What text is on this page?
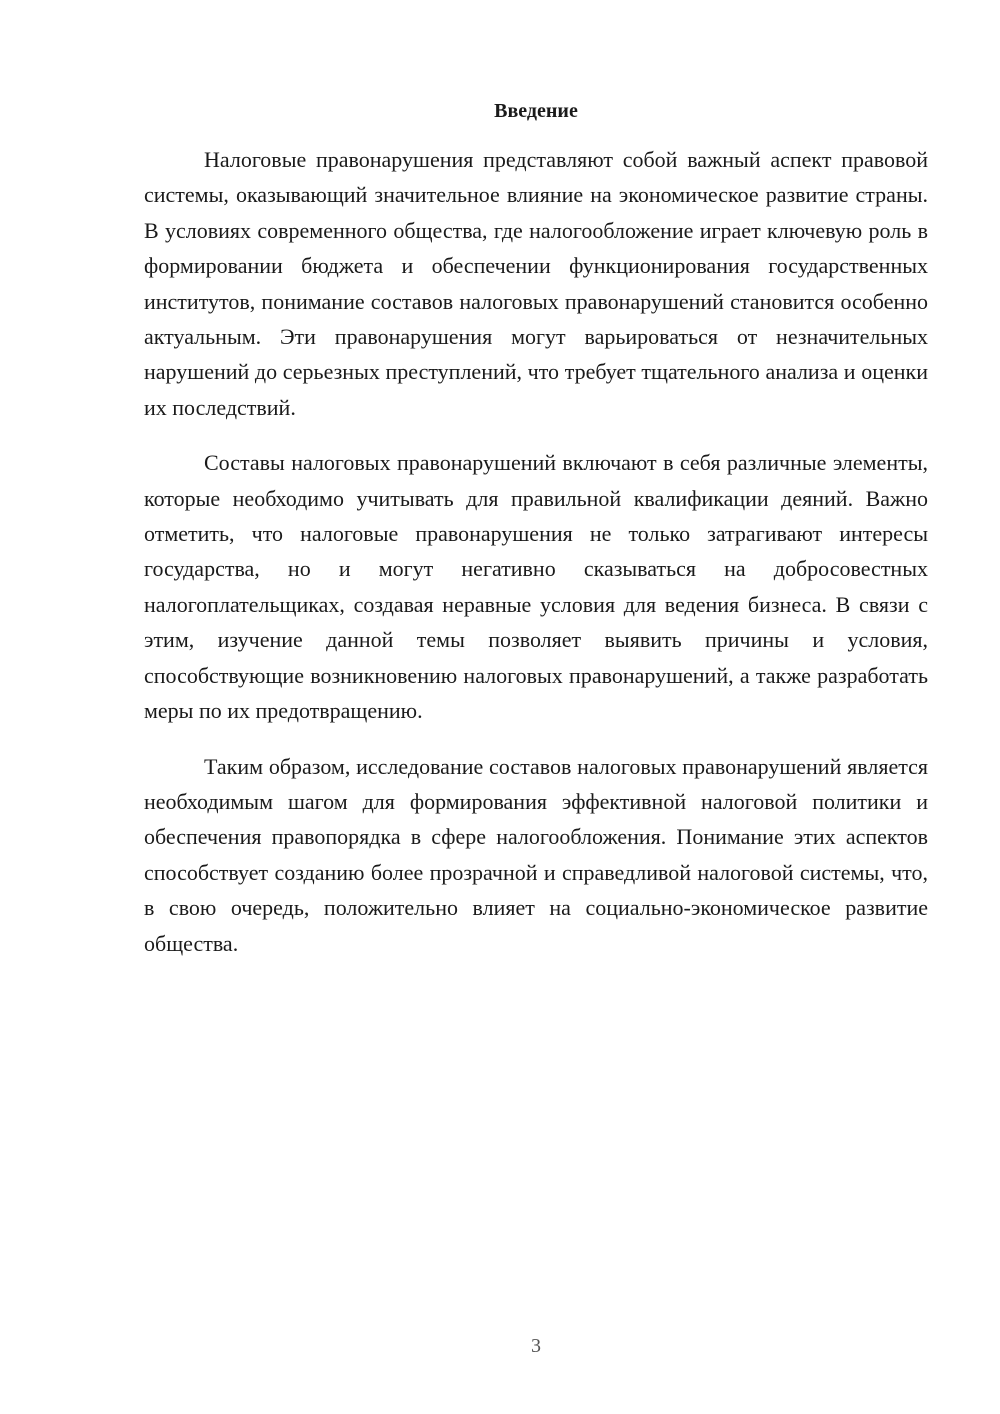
Введение

Налоговые правонарушения представляют собой важный аспект правовой системы, оказывающий значительное влияние на экономическое развитие страны. В условиях современного общества, где налогообложение играет ключевую роль в формировании бюджета и обеспечении функционирования государственных институтов, понимание составов налоговых правонарушений становится особенно актуальным. Эти правонарушения могут варьироваться от незначительных нарушений до серьезных преступлений, что требует тщательного анализа и оценки их последствий.

Составы налоговых правонарушений включают в себя различные элементы, которые необходимо учитывать для правильной квалификации деяний. Важно отметить, что налоговые правонарушения не только затрагивают интересы государства, но и могут негативно сказываться на добросовестных налогоплательщиках, создавая неравные условия для ведения бизнеса. В связи с этим, изучение данной темы позволяет выявить причины и условия, способствующие возникновению налоговых правонарушений, а также разработать меры по их предотвращению.

Таким образом, исследование составов налоговых правонарушений является необходимым шагом для формирования эффективной налоговой политики и обеспечения правопорядка в сфере налогообложения. Понимание этих аспектов способствует созданию более прозрачной и справедливой налоговой системы, что, в свою очередь, положительно влияет на социально-экономическое развитие общества.

3
